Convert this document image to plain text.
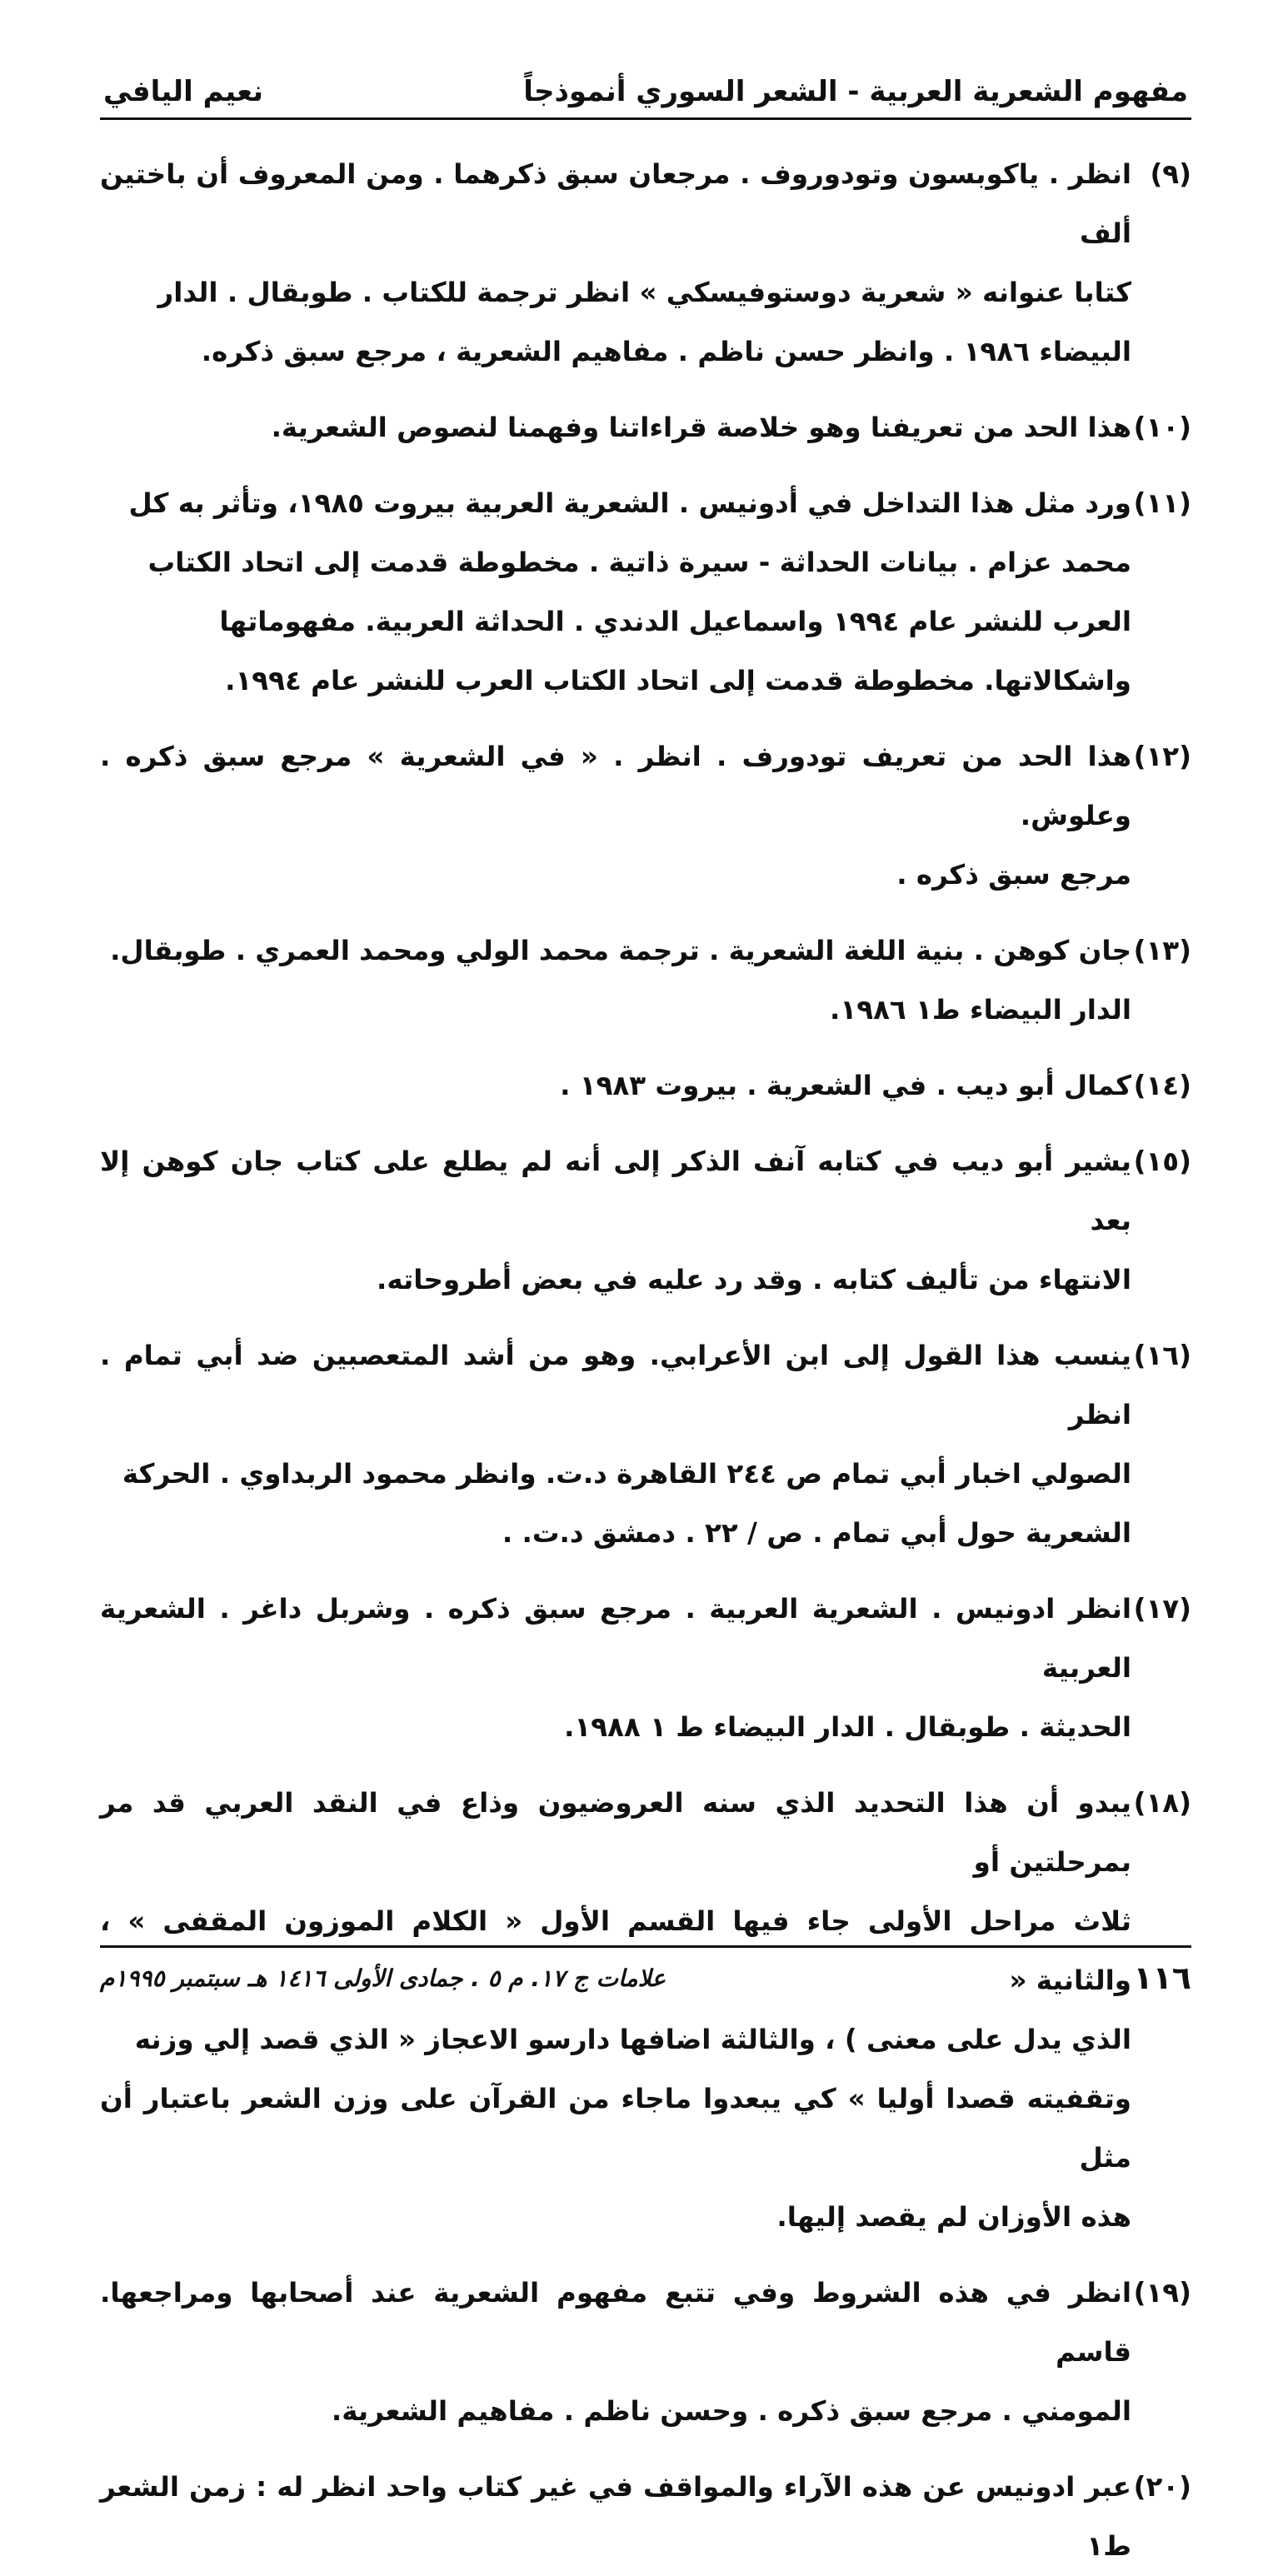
مفهوم الشعرية العربية - الشعر السوري أنموذجاً
نعيم اليافي
(٩)

انظر . ياكوبسون وتودوروف . مرجعان سبق ذكرهما . ومن المعروف أن باختين ألف

كتابا عنوانه « شعرية دوستوفيسكي » انظر ترجمة للكتاب . طوبقال . الدار

البيضاء ١٩٨٦ . وانظر حسن ناظم . مفاهيم الشعرية ، مرجع سبق ذكره.

(١٠)

هذا الحد من تعريفنا وهو خلاصة قراءاتنا وفهمنا لنصوص الشعرية.

(١١)

ورد مثل هذا التداخل في أدونيس . الشعرية العربية بيروت ١٩٨٥، وتأثر به كل

محمد عزام . بيانات الحداثة - سيرة ذاتية . مخطوطة قدمت إلى اتحاد الكتاب

العرب للنشر عام ١٩٩٤ واسماعيل الدندي . الحداثة العربية. مفهوماتها

واشكالاتها. مخطوطة قدمت إلى اتحاد الكتاب العرب للنشر عام ١٩٩٤.

(١٢)

هذا الحد من تعريف تودورف . انظر . « في الشعرية » مرجع سبق ذكره . وعلوش.

مرجع سبق ذكره .

(١٣)

جان كوهن . بنية اللغة الشعرية . ترجمة محمد الولي ومحمد العمري . طوبقال.

الدار البيضاء ط١ ١٩٨٦.

(١٤)

كمال أبو ديب . في الشعرية . بيروت ١٩٨٣ .

(١٥)

يشير أبو ديب في كتابه آنف الذكر إلى أنه لم يطلع على كتاب جان كوهن إلا بعد

الانتهاء من تأليف كتابه . وقد رد عليه في بعض أطروحاته.

(١٦)

ينسب هذا القول إلى ابن الأعرابي. وهو من أشد المتعصبين ضد أبي تمام . انظر

الصولي اخبار أبي تمام ص ٢٤٤ القاهرة د.ت. وانظر محمود الربداوي . الحركة

الشعرية حول أبي تمام . ص / ٢٢ . دمشق د.ت. .

(١٧)

انظر ادونيس . الشعرية العربية . مرجع سبق ذكره . وشربل داغر . الشعرية العربية

الحديثة . طوبقال . الدار البيضاء ط ١ ١٩٨٨.

(١٨)

يبدو أن هذا التحديد الذي سنه العروضيون وذاع في النقد العربي قد مر بمرحلتين أو

ثلاث مراحل الأولى جاء فيها القسم الأول « الكلام الموزون المقفى » ، والثانية «

الذي يدل على معنى ) ، والثالثة اضافها دارسو الاعجاز « الذي قصد إلي وزنه

وتقفيته قصدا أوليا » كي يبعدوا ماجاء من القرآن على وزن الشعر باعتبار أن مثل

هذه الأوزان لم يقصد إليها.

(١٩)

انظر في هذه الشروط وفي تتبع مفهوم الشعرية عند أصحابها ومراجعها. قاسم

المومني . مرجع سبق ذكره . وحسن ناظم . مفاهيم الشعرية.

(٢٠)

عبر ادونيس عن هذه الآراء والمواقف في غير كتاب واحد انظر له : زمن الشعر ط١

١١٦
علامات ج ١٧. م ٥ . جمادى الأولى ١٤١٦ هـ سبتمبر ١٩٩٥م
